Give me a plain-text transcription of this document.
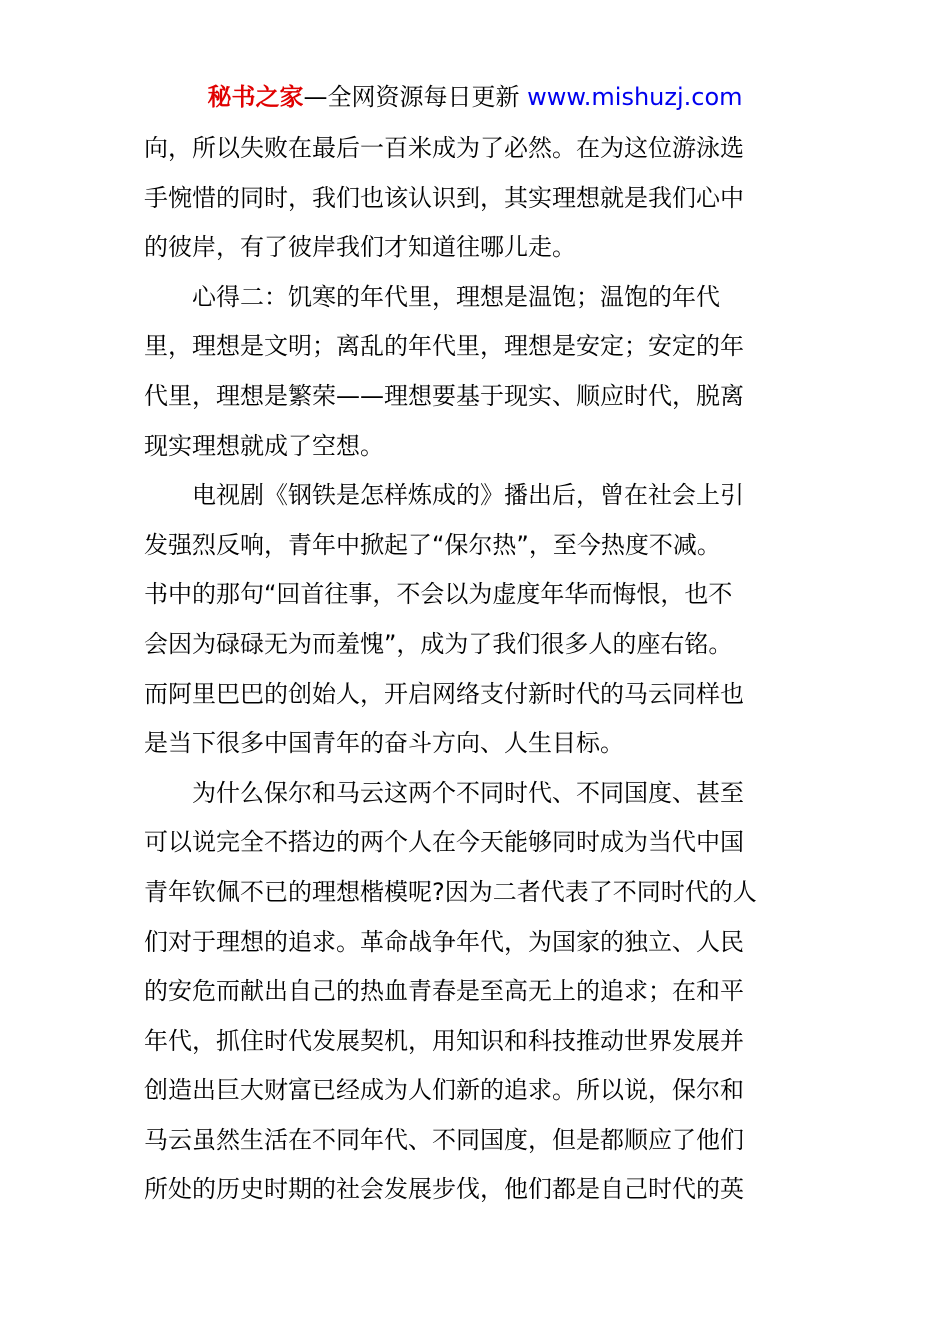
秘书之家—全网资源每日更新 www.mishuzj.com
向，所以失败在最后一百米成为了必然。在为这位游泳选
手惋惜的同时，我们也该认识到，其实理想就是我们心中
的彼岸，有了彼岸我们才知道往哪儿走。
　　心得二：饥寒的年代里，理想是温饱；温饱的年代
里，理想是文明；离乱的年代里，理想是安定；安定的年
代里，理想是繁荣——理想要基于现实、顺应时代，脱离
现实理想就成了空想。
　　电视剧《钢铁是怎样炼成的》播出后，曾在社会上引
发强烈反响，青年中掀起了“保尔热”，至今热度不减。
书中的那句“回首往事，不会以为虚度年华而悔恨，也不
会因为碌碌无为而羞愧”，成为了我们很多人的座右铭。
而阿里巴巴的创始人，开启网络支付新时代的马云同样也
是当下很多中国青年的奋斗方向、人生目标。
　　为什么保尔和马云这两个不同时代、不同国度、甚至
可以说完全不搭边的两个人在今天能够同时成为当代中国
青年钦佩不已的理想楷模呢?因为二者代表了不同时代的人
们对于理想的追求。革命战争年代，为国家的独立、人民
的安危而献出自己的热血青春是至高无上的追求；在和平
年代，抓住时代发展契机，用知识和科技推动世界发展并
创造出巨大财富已经成为人们新的追求。所以说，保尔和
马云虽然生活在不同年代、不同国度，但是都顺应了他们
所处的历史时期的社会发展步伐，他们都是自己时代的英
